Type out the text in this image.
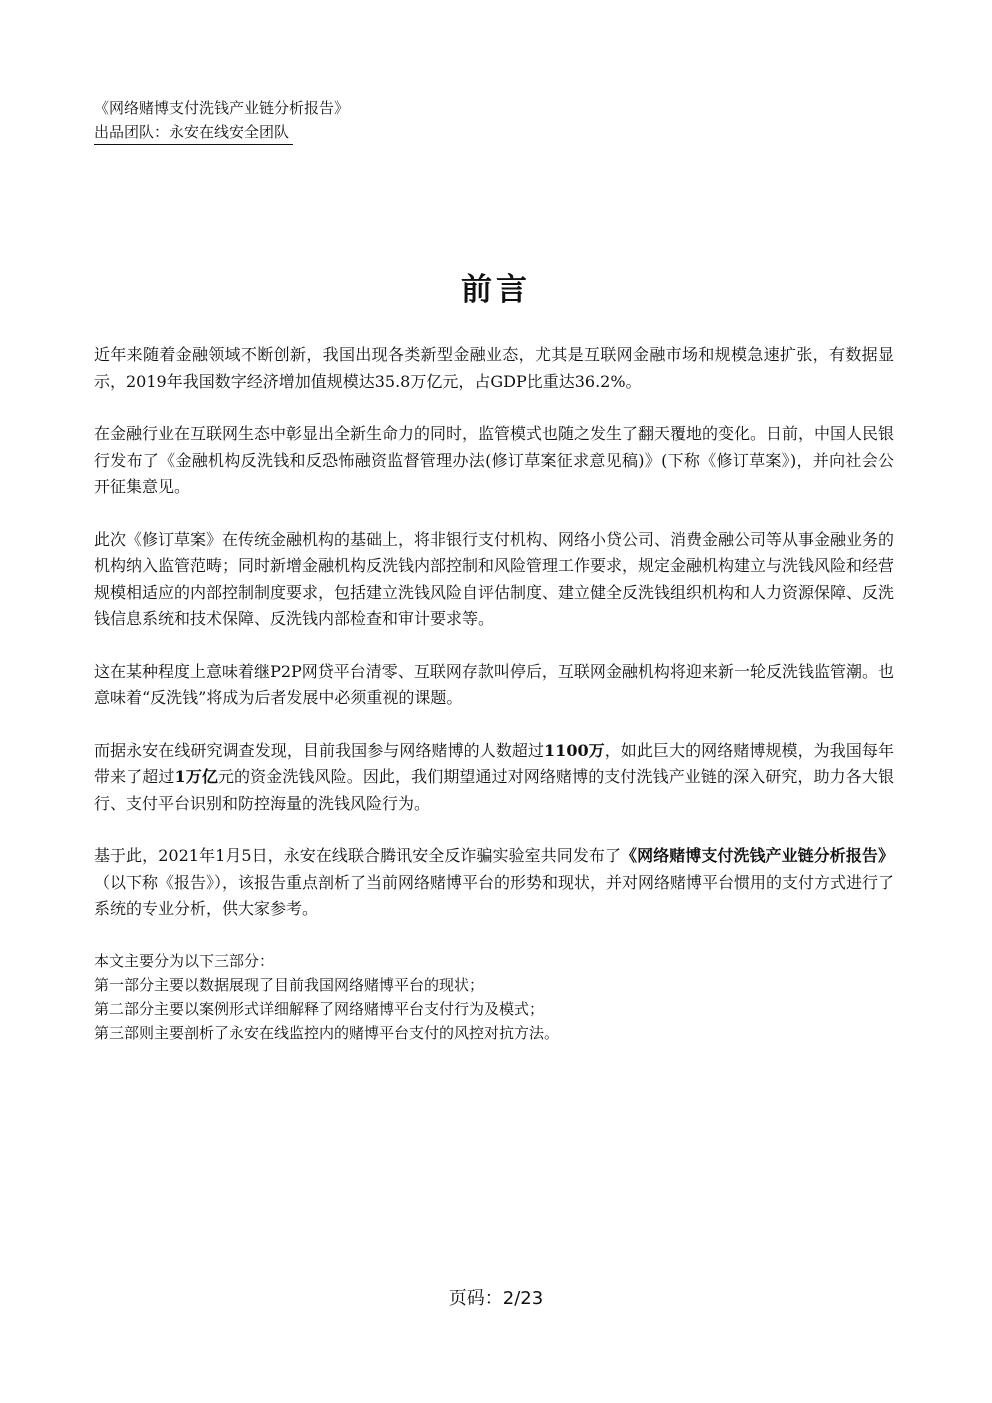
《网络赌博支付洗钱产业链分析报告》
出品团队：永安在线安全团队
前言

近年来随着金融领域不断创新，我国出现各类新型金融业态，尤其是互联网金融市场和规模急速扩张，有数据显示，2019年我国数字经济增加值规模达35.8万亿元，占GDP比重达36.2%。

在金融行业在互联网生态中彰显出全新生命力的同时，监管模式也随之发生了翻天覆地的变化。日前，中国人民银行发布了《金融机构反洗钱和反恐怖融资监督管理办法(修订草案征求意见稿)》(下称《修订草案》)，并向社会公开征集意见。

此次《修订草案》在传统金融机构的基础上，将非银行支付机构、网络小贷公司、消费金融公司等从事金融业务的机构纳入监管范畴；同时新增金融机构反洗钱内部控制和风险管理工作要求，规定金融机构建立与洗钱风险和经营规模相适应的内部控制制度要求，包括建立洗钱风险自评估制度、建立健全反洗钱组织机构和人力资源保障、反洗钱信息系统和技术保障、反洗钱内部检查和审计要求等。

这在某种程度上意味着继P2P网贷平台清零、互联网存款叫停后，互联网金融机构将迎来新一轮反洗钱监管潮。也意味着“反洗钱”将成为后者发展中必须重视的课题。

而据永安在线研究调查发现，目前我国参与网络赌博的人数超过1100万，如此巨大的网络赌博规模，为我国每年带来了超过1万亿元的资金洗钱风险。因此，我们期望通过对网络赌博的支付洗钱产业链的深入研究，助力各大银行、支付平台识别和防控海量的洗钱风险行为。

基于此，2021年1月5日，永安在线联合腾讯安全反诈骗实验室共同发布了《网络赌博支付洗钱产业链分析报告》（以下称《报告》），该报告重点剖析了当前网络赌博平台的形势和现状，并对网络赌博平台惯用的支付方式进行了系统的专业分析，供大家参考。

本文主要分为以下三部分：
第一部分主要以数据展现了目前我国网络赌博平台的现状；
第二部分主要以案例形式详细解释了网络赌博平台支付行为及模式；
第三部则主要剖析了永安在线监控内的赌博平台支付的风控对抗方法。
页码：2/23
